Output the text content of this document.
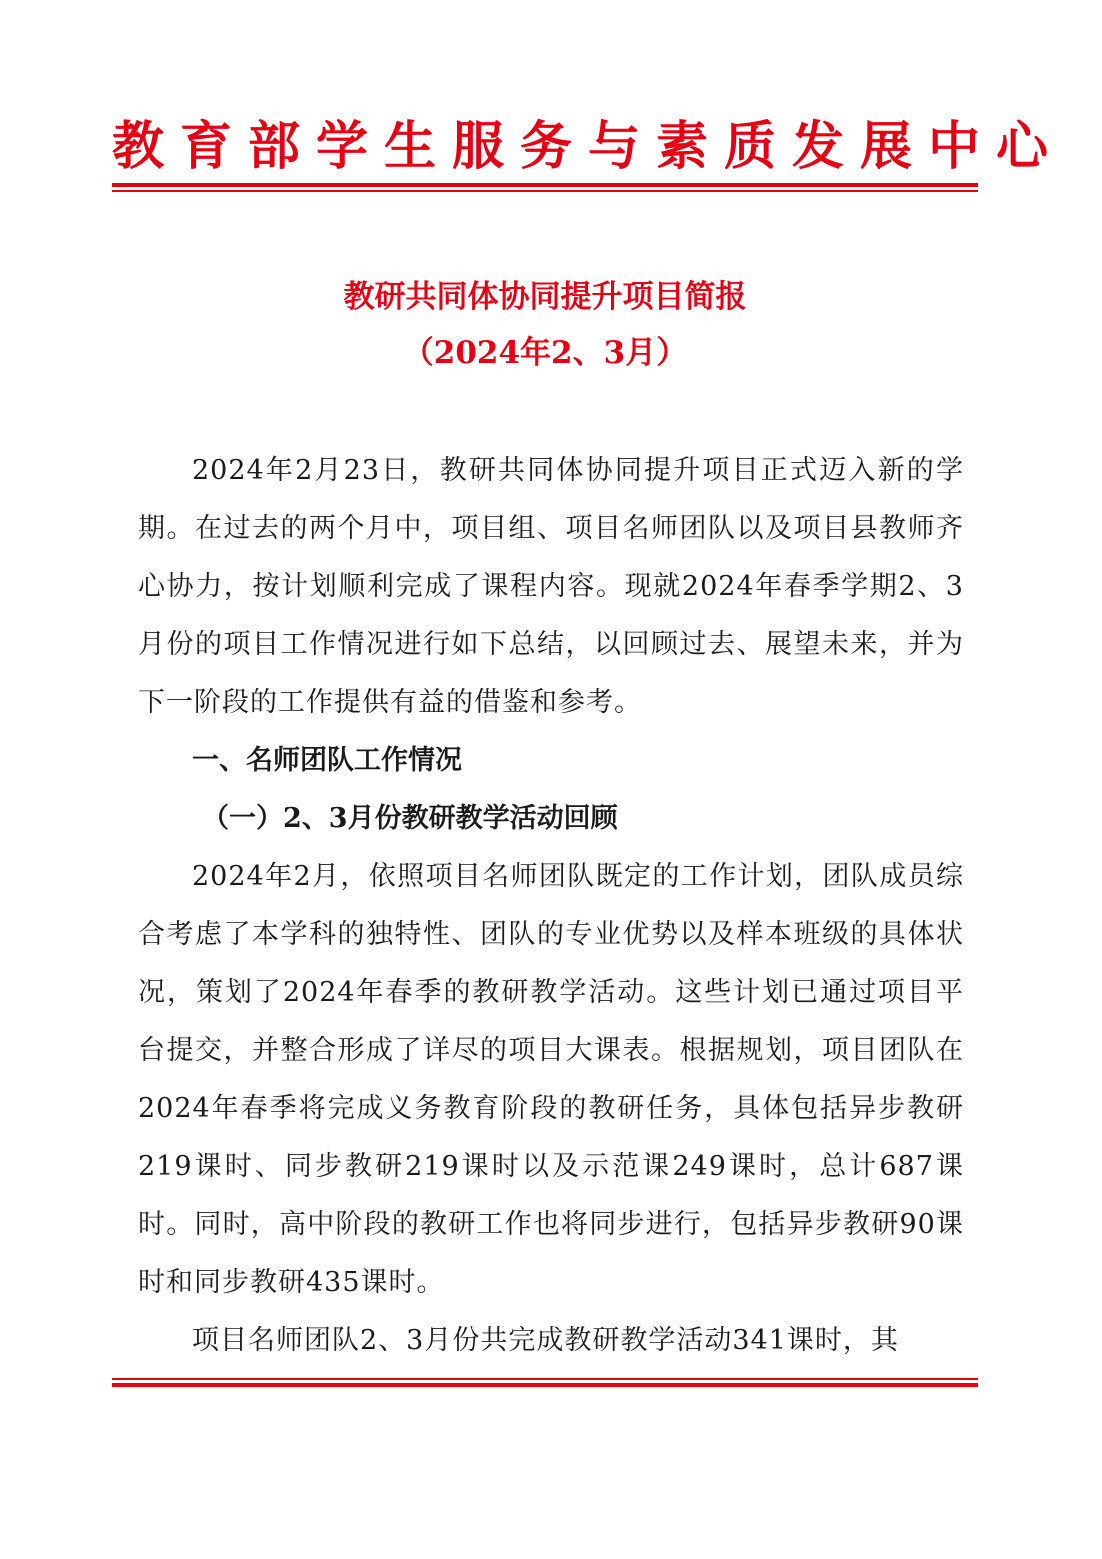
教育部学生服务与素质发展中心
教研共同体协同提升项目简报
（2024年2、3月）

2024年2月23日，教研共同体协同提升项目正式迈入新的学期。在过去的两个月中，项目组、项目名师团队以及项目县教师齐心协力，按计划顺利完成了课程内容。现就2024年春季学期2、3月份的项目工作情况进行如下总结，以回顾过去、展望未来，并为下一阶段的工作提供有益的借鉴和参考。

一、名师团队工作情况
（一）2、3月份教研教学活动回顾

2024年2月，依照项目名师团队既定的工作计划，团队成员综合考虑了本学科的独特性、团队的专业优势以及样本班级的具体状况，策划了2024年春季的教研教学活动。这些计划已通过项目平台提交，并整合形成了详尽的项目大课表。根据规划，项目团队在2024年春季将完成义务教育阶段的教研任务，具体包括异步教研219课时、同步教研219课时以及示范课249课时，总计687课时。同时，高中阶段的教研工作也将同步进行，包括异步教研90课时和同步教研435课时。

项目名师团队2、3月份共完成教研教学活动341课时，其
